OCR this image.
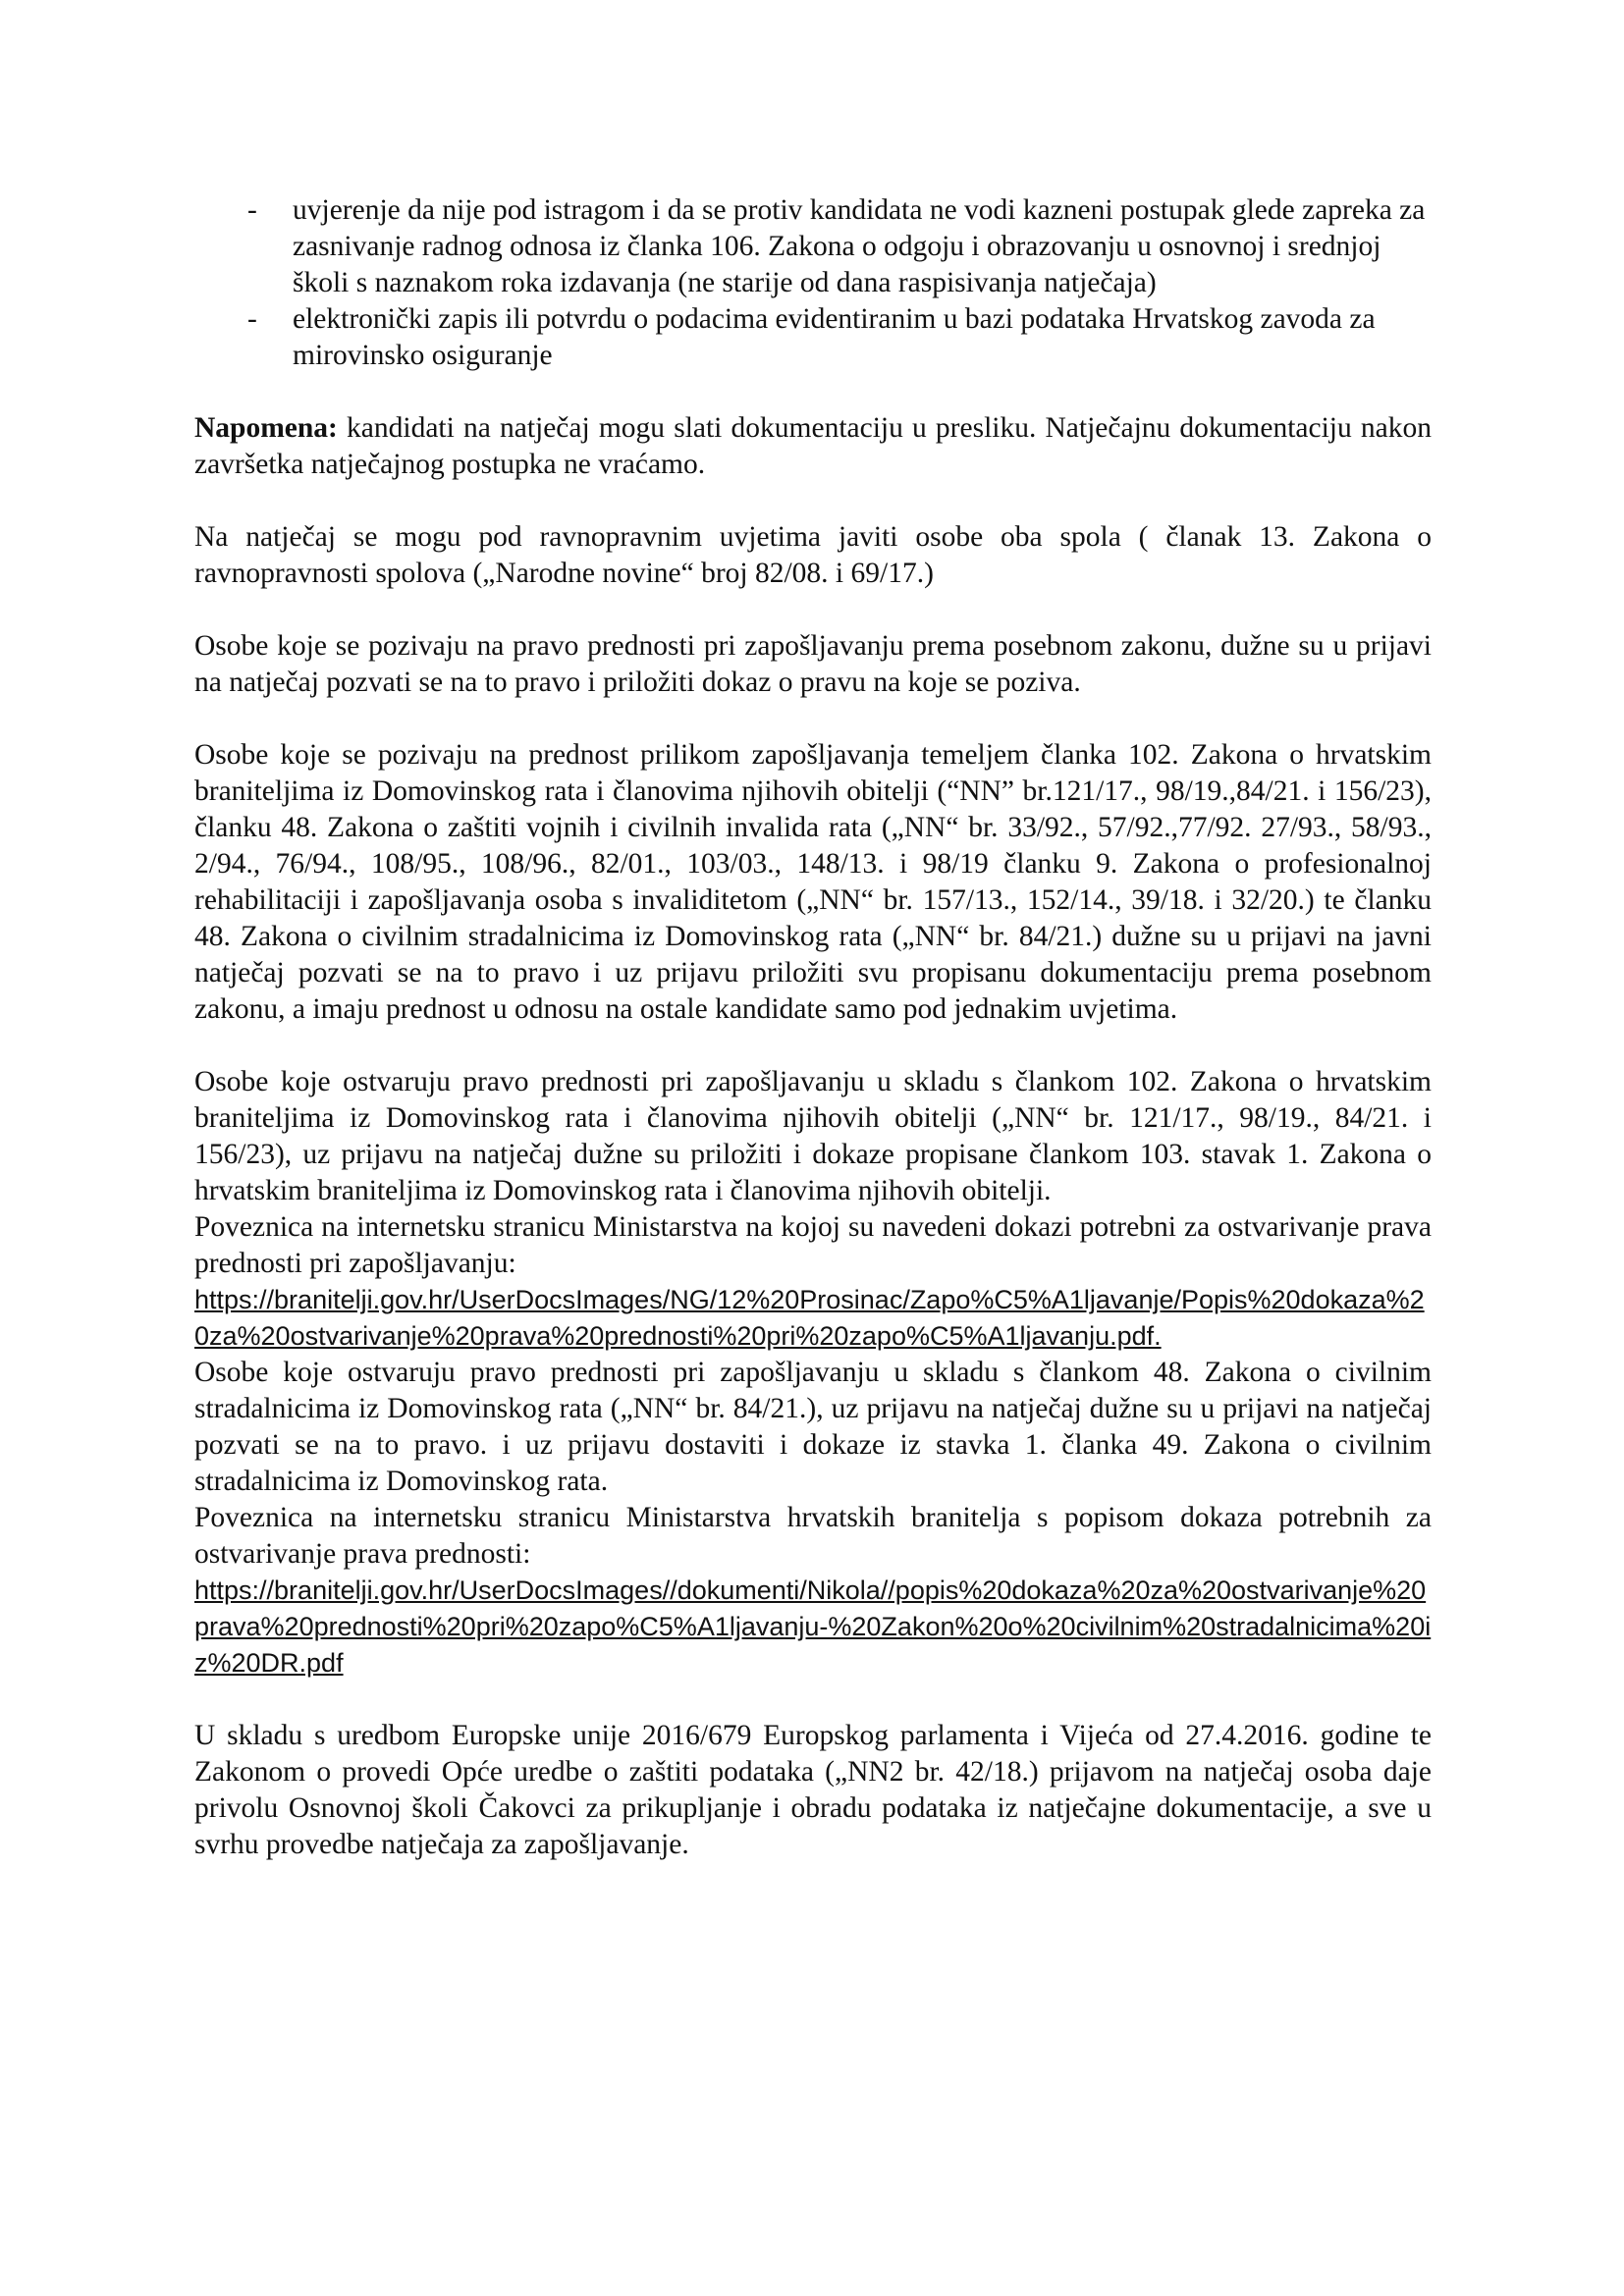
- uvjerenje da nije pod istragom i da se protiv kandidata ne vodi kazneni postupak glede zapreka za zasnivanje radnog odnosa iz članka 106. Zakona o odgoju i obrazovanju u osnovnoj i srednjoj školi s naznakom roka izdavanja (ne starije od dana raspisivanja natječaja)
- elektronički zapis ili potvrdu o podacima evidentiranim u bazi podataka Hrvatskog zavoda za mirovinsko osiguranje

Napomena: kandidati na natječaj mogu slati dokumentaciju u presliku. Natječajnu dokumentaciju nakon završetka natječajnog postupka ne vraćamo.

Na natječaj se mogu pod ravnopravnim uvjetima javiti osobe oba spola ( članak 13. Zakona o ravnopravnosti spolova („Narodne novine“ broj 82/08. i 69/17.)

Osobe koje se pozivaju na pravo prednosti pri zapošljavanju prema posebnom zakonu, dužne su u prijavi na natječaj pozvati se na to pravo i priložiti dokaz o pravu na koje se poziva.

Osobe koje se pozivaju na prednost prilikom zapošljavanja temeljem članka 102. Zakona o hrvatskim braniteljima iz Domovinskog rata i članovima njihovih obitelji (“NN” br.121/17., 98/19.,84/21. i 156/23), članku 48. Zakona o zaštiti vojnih i civilnih invalida rata („NN“ br. 33/92., 57/92.,77/92. 27/93., 58/93., 2/94., 76/94., 108/95., 108/96., 82/01., 103/03., 148/13. i 98/19 članku 9. Zakona o profesionalnoj rehabilitaciji i zapošljavanja osoba s invaliditetom („NN“ br. 157/13., 152/14., 39/18. i 32/20.) te članku 48. Zakona o civilnim stradalnicima iz Domovinskog rata („NN“ br. 84/21.) dužne su u prijavi na javni natječaj pozvati se na to pravo i uz prijavu priložiti svu propisanu dokumentaciju prema posebnom zakonu, a imaju prednost u odnosu na ostale kandidate samo pod jednakim uvjetima.

Osobe koje ostvaruju pravo prednosti pri zapošljavanju u skladu s člankom 102. Zakona o hrvatskim braniteljima iz Domovinskog rata i članovima njihovih obitelji („NN“ br. 121/17., 98/19., 84/21. i 156/23), uz prijavu na natječaj dužne su priložiti i dokaze propisane člankom 103. stavak 1. Zakona o hrvatskim braniteljima iz Domovinskog rata i članovima njihovih obitelji.

Poveznica na internetsku stranicu Ministarstva na kojoj su navedeni dokazi potrebni za ostvarivanje prava prednosti pri zapošljavanju:

https://branitelji.gov.hr/UserDocsImages/NG/12%20Prosinac/Zapo%C5%A1ljavanje/Popis%20dokaza%20za%20ostvarivanje%20prava%20prednosti%20pri%20zapo%C5%A1ljavanju.pdf.

Osobe koje ostvaruju pravo prednosti pri zapošljavanju u skladu s člankom 48. Zakona o civilnim stradalnicima iz Domovinskog rata („NN“ br. 84/21.), uz prijavu na natječaj dužne su u prijavi na natječaj pozvati se na to pravo. i uz prijavu dostaviti i dokaze iz stavka 1. članka 49. Zakona o civilnim stradalnicima iz Domovinskog rata.

Poveznica na internetsku stranicu Ministarstva hrvatskih branitelja s popisom dokaza potrebnih za ostvarivanje prava prednosti:

https://branitelji.gov.hr/UserDocsImages//dokumenti/Nikola//popis%20dokaza%20za%20ostvarivanje%20prava%20prednosti%20pri%20zapo%C5%A1ljavanju-%20Zakon%20o%20civilnim%20stradalnicima%20iz%20DR.pdf

U skladu s uredbom Europske unije 2016/679 Europskog parlamenta i Vijeća od 27.4.2016. godine te Zakonom o provedi Opće uredbe o zaštiti podataka („NN2 br. 42/18.) prijavom na natječaj osoba daje privolu Osnovnoj školi Čakovci za prikupljanje i obradu podataka iz natječajne dokumentacije, a sve u svrhu provedbe natječaja za zapošljavanje.
